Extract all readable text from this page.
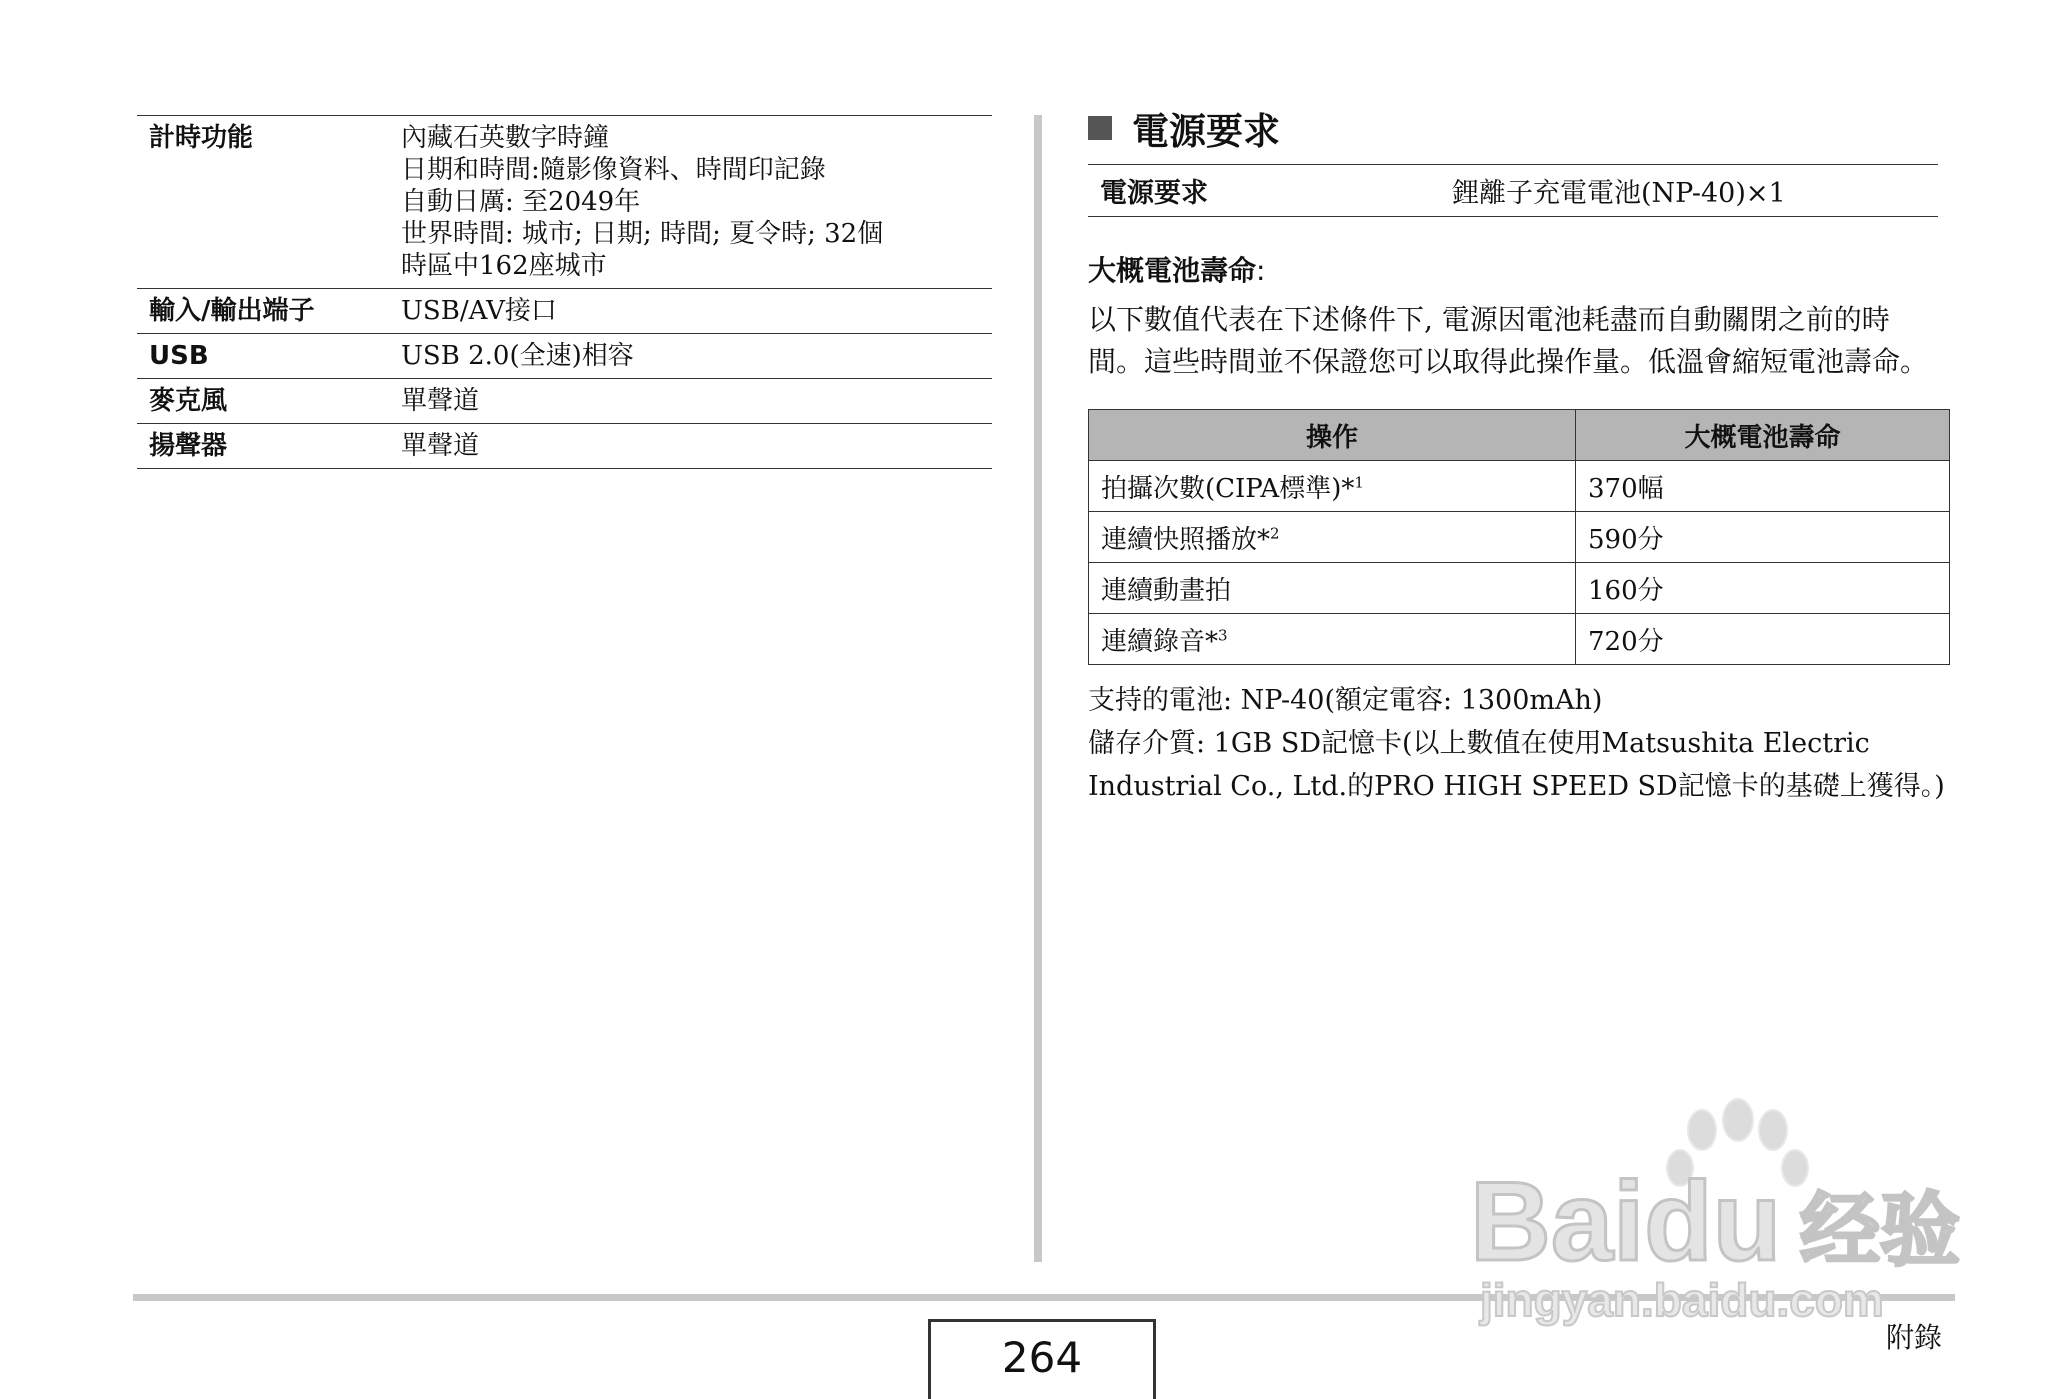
計時功能	內藏石英數字時鐘
日期和時間:隨影像資料、時間印記錄
自動日厲: 至2049年
世界時間: 城市; 日期; 時間; 夏令時; 32個
時區中162座城市
輸入/輸出端子	USB/AV接口
USB	USB 2.0(全速)相容
麥克風	單聲道
揚聲器	單聲道
電源要求
電源要求	鋰離子充電電池(NP-40)×1
大概電池壽命:
以下數值代表在下述條件下, 電源因電池耗盡而自動關閉之前的時間。這些時間並不保證您可以取得此操作量。低溫會縮短電池壽命。
操作	大概電池壽命
拍攝次數(CIPA標準)*$^1$	370幅
連續快照播放*$^2$	590分
連續動畫拍	160分
連續錄音*$^3$	720分
支持的電池: NP-40(額定電容: 1300mAh)
儲存介質: 1GB SD記憶卡(以上數值在使用Matsushita Electric Industrial Co., Ltd.的PRO HIGH SPEED SD記憶卡的基礎上獲得。)
264	附錄
Baidu 经验
jingyan.baidu.com
